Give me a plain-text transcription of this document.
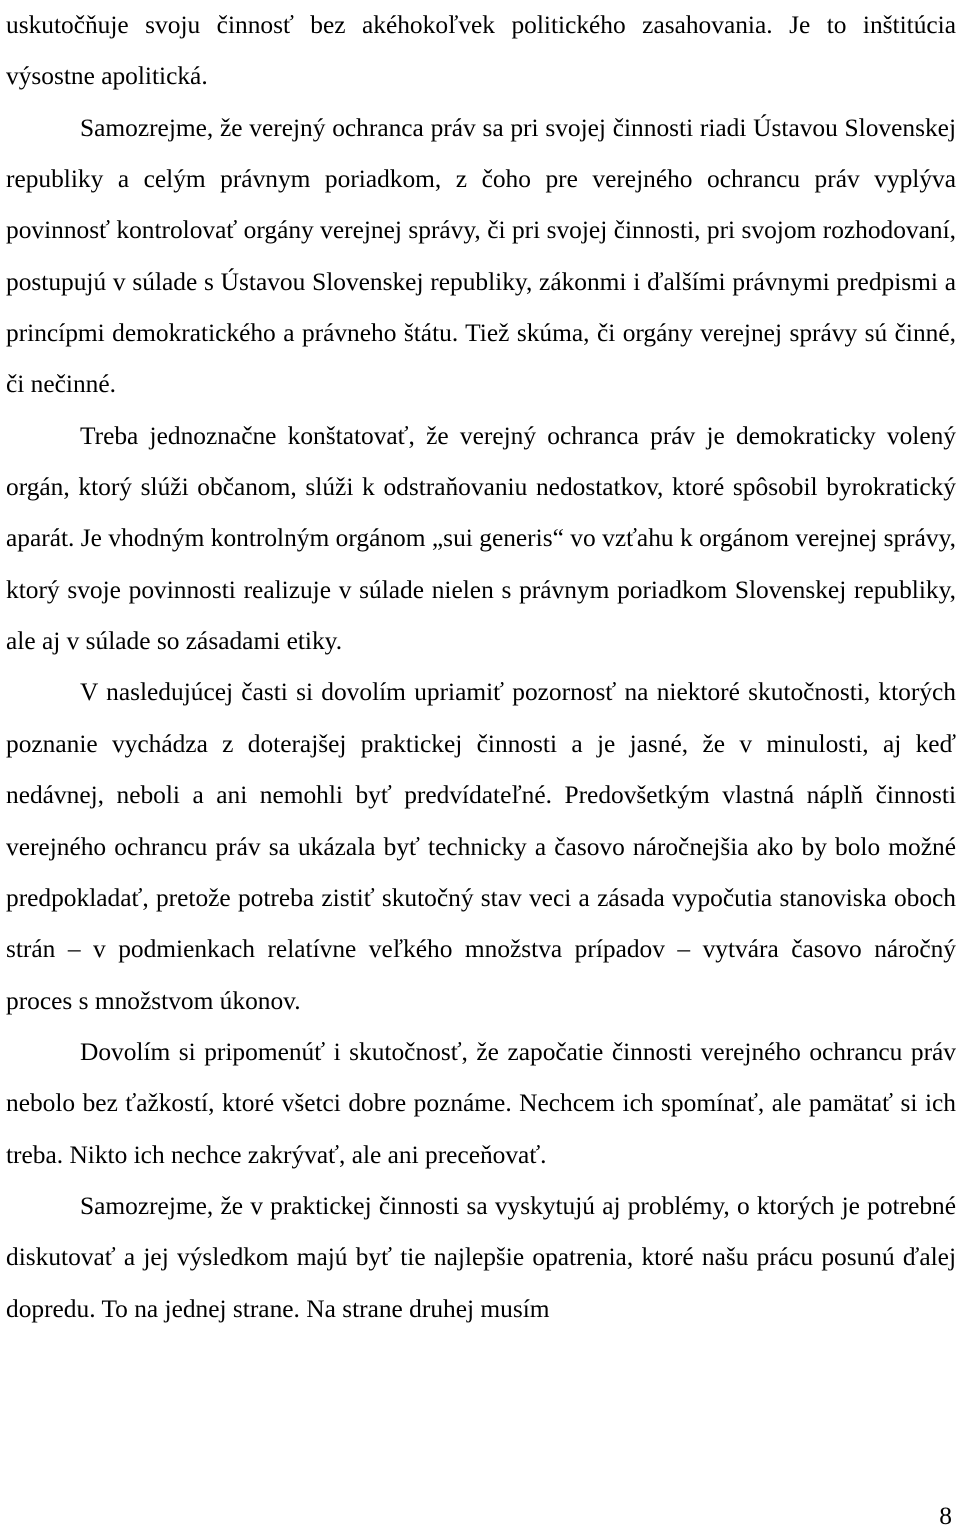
uskutočňuje svoju činnosť bez akéhokoľvek politického zasahovania. Je to inštitúcia výsostne apolitická.

Samozrejme, že verejný ochranca práv sa pri svojej činnosti riadi Ústavou Slovenskej republiky a celým právnym poriadkom, z čoho pre verejného ochrancu práv vyplýva povinnosť kontrolovať orgány verejnej správy, či pri svojej činnosti, pri svojom rozhodovaní, postupujú v súlade s Ústavou Slovenskej republiky, zákonmi i ďalšími právnymi predpismi a princípmi demokratického a právneho štátu. Tiež skúma, či orgány verejnej správy sú činné, či nečinné.

Treba jednoznačne konštatovať, že verejný ochranca práv je demokraticky volený orgán, ktorý slúži občanom, slúži k odstraňovaniu nedostatkov, ktoré spôsobil byrokratický aparát. Je vhodným kontrolným orgánom „sui generis“ vo vzťahu k orgánom verejnej správy, ktorý svoje povinnosti realizuje v súlade nielen s právnym poriadkom Slovenskej republiky, ale aj v súlade so zásadami etiky.

V nasledujúcej časti si dovolím upriamiť pozornosť na niektoré skutočnosti, ktorých poznanie vychádza z doterajšej praktickej činnosti a je jasné, že v minulosti, aj keď nedávnej, neboli a ani nemohli byť predvídateľné. Predovšetkým vlastná náplň činnosti verejného ochrancu práv sa ukázala byť technicky a časovo náročnejšia ako by bolo možné predpokladať, pretože potreba zistiť skutočný stav veci a zásada vypočutia stanoviska oboch strán – v podmienkach relatívne veľkého množstva prípadov – vytvára časovo náročný proces s množstvom úkonov.

Dovolím si pripomenúť i skutočnosť, že započatie činnosti verejného ochrancu práv nebolo bez ťažkostí, ktoré všetci dobre poznáme. Nechcem ich spomínať, ale pamätať si ich treba. Nikto ich nechce zakrývať, ale ani preceňovať.

Samozrejme, že v praktickej činnosti sa vyskytujú aj problémy, o ktorých je potrebné diskutovať a jej výsledkom majú byť tie najlepšie opatrenia, ktoré našu prácu posunú ďalej dopredu. To na jednej strane. Na strane druhej musím

8
